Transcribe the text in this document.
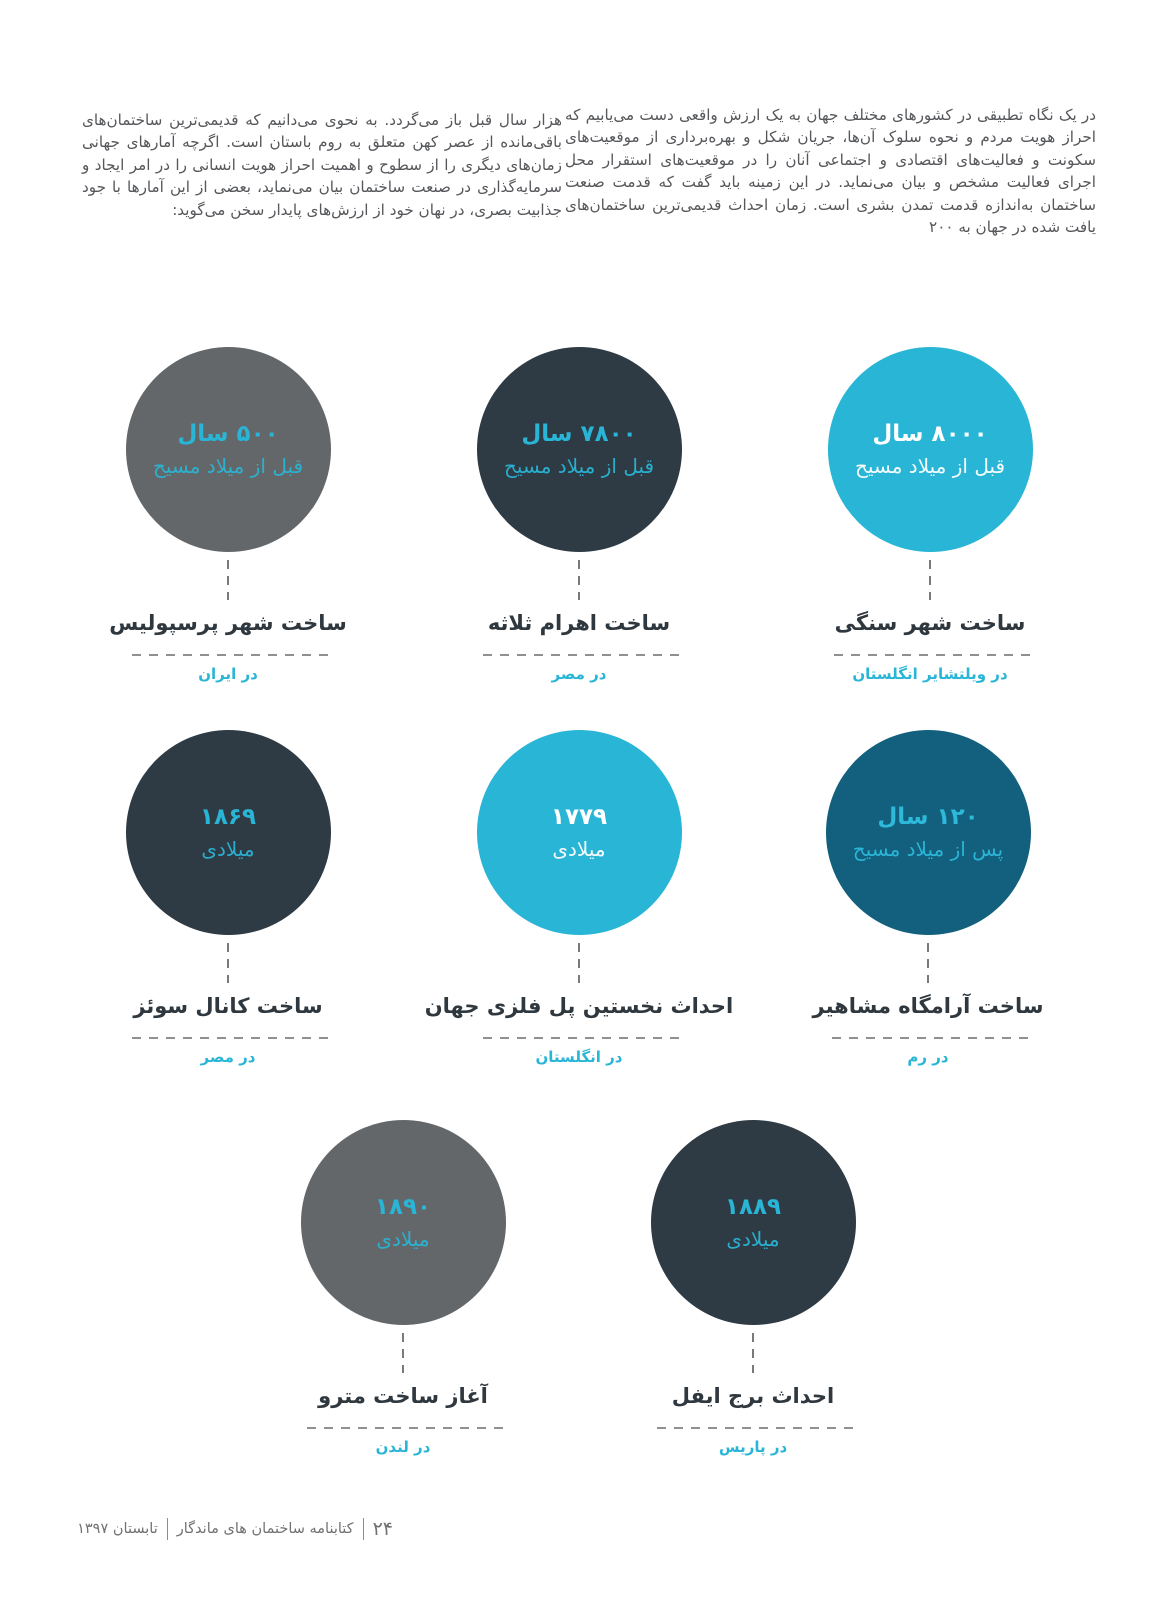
در یک نگاه تطبیقی در کشورهای مختلف جهان به یک ارزش واقعی دست می‌یابیم که احراز هویت مردم و نحوه سلوک آن‌ها، جریان شکل و بهره‌برداری از موقعیت‌های سکونت و فعالیت‌های اقتصادی و اجتماعی آنان را در موقعیت‌های استقرار محل اجرای فعالیت مشخص و بیان می‌نماید. در این زمینه باید گفت که قدمت صنعت ساختمان به‌اندازه قدمت تمدن بشری است. زمان احداث قدیمی‌ترین ساختمان‌های یافت شده در جهان به ۲۰۰

هزار سال قبل باز می‌گردد. به نحوی می‌دانیم که قدیمی‌ترین ساختمان‌های باقی‌مانده از عصر کهن متعلق به روم باستان است. اگرچه آمارهای جهانی زمان‌های دیگری را از سطوح و اهمیت احراز هویت انسانی را در امر ایجاد و سرمایه‌گذاری در صنعت ساختمان بیان می‌نماید، بعضی از این آمارها با جود جذابیت بصری، در نهان خود از ارزش‌های پایدار سخن می‌گوید:

۸۰۰۰ سال
قبل از میلاد مسیح
ساخت شهر سنگی
در ویلتشایر انگلستان
۷۸۰۰ سال
قبل از میلاد مسیح
ساخت اهرام ثلاثه
در مصر
۵۰۰ سال
قبل از میلاد مسیح
ساخت شهر پرسپولیس
در ایران
۱۲۰ سال
پس از میلاد مسیح
ساخت آرامگاه مشاهیر
در رم
۱۷۷۹
میلادی
احداث نخستین پل فلزی جهان
در انگلستان
۱۸۶۹
میلادی
ساخت کانال سوئز
در مصر
۱۸۸۹
میلادی
احداث برج ایفل
در پاریس
۱۸۹۰
میلادی
آغاز ساخت مترو
در لندن
۲۴
کتابنامه ساختمان های ماندگار
تابستان ۱۳۹۷
